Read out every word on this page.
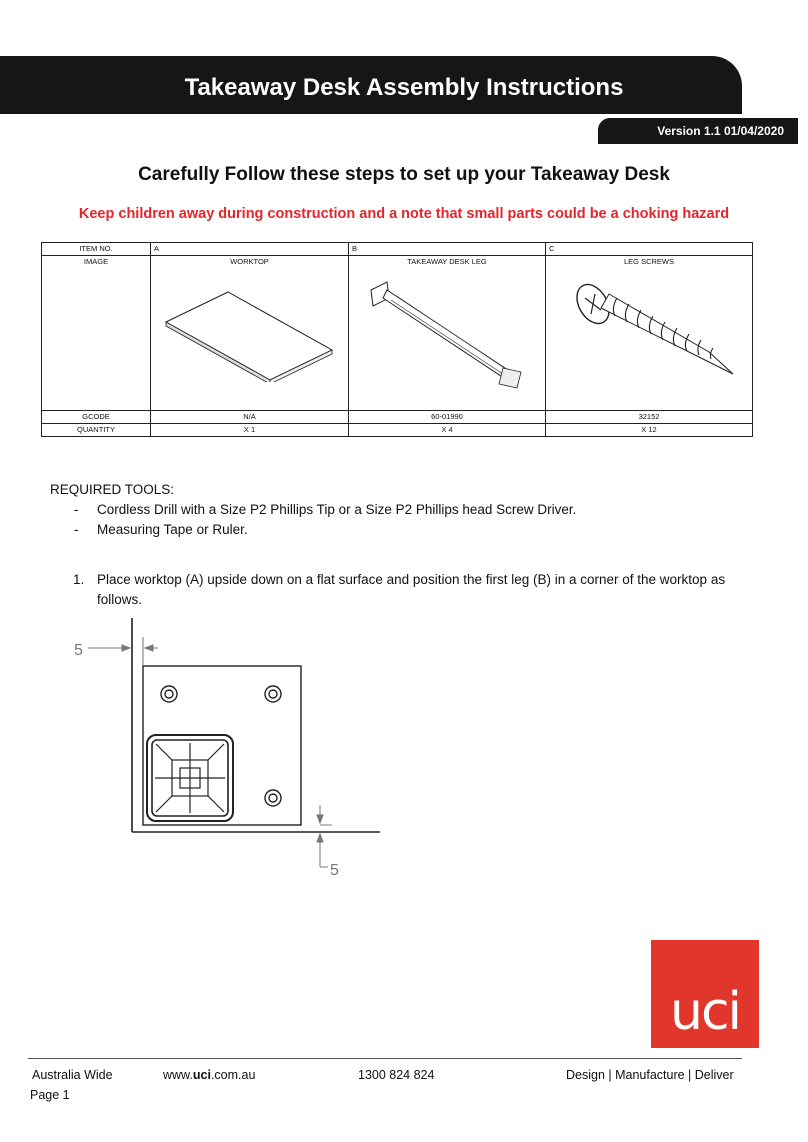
Takeaway Desk Assembly Instructions
Version 1.1 01/04/2020
Carefully Follow these steps to set up your Takeaway Desk
Keep children away during construction and a note that small parts could be a choking hazard
ITEM NO.	A	B	C
IMAGE	WORKTOP	TAKEAWAY DESK LEG	LEG SCREWS

GCODE	N/A	60-01990	32152
QUANTITY	X 1	X 4	X 12
REQUIRED TOOLS:
- Cordless Drill with a Size P2 Phillips Tip or a Size P2 Phillips head Screw Driver.
- Measuring Tape or Ruler.
1. Place worktop (A) upside down on a flat surface and position the first leg (B) in a corner of the worktop as follows.
5
5
uci
Australia Wide	www.uci.com.au	1300 824 824	Design | Manufacture | Deliver
Page 1
